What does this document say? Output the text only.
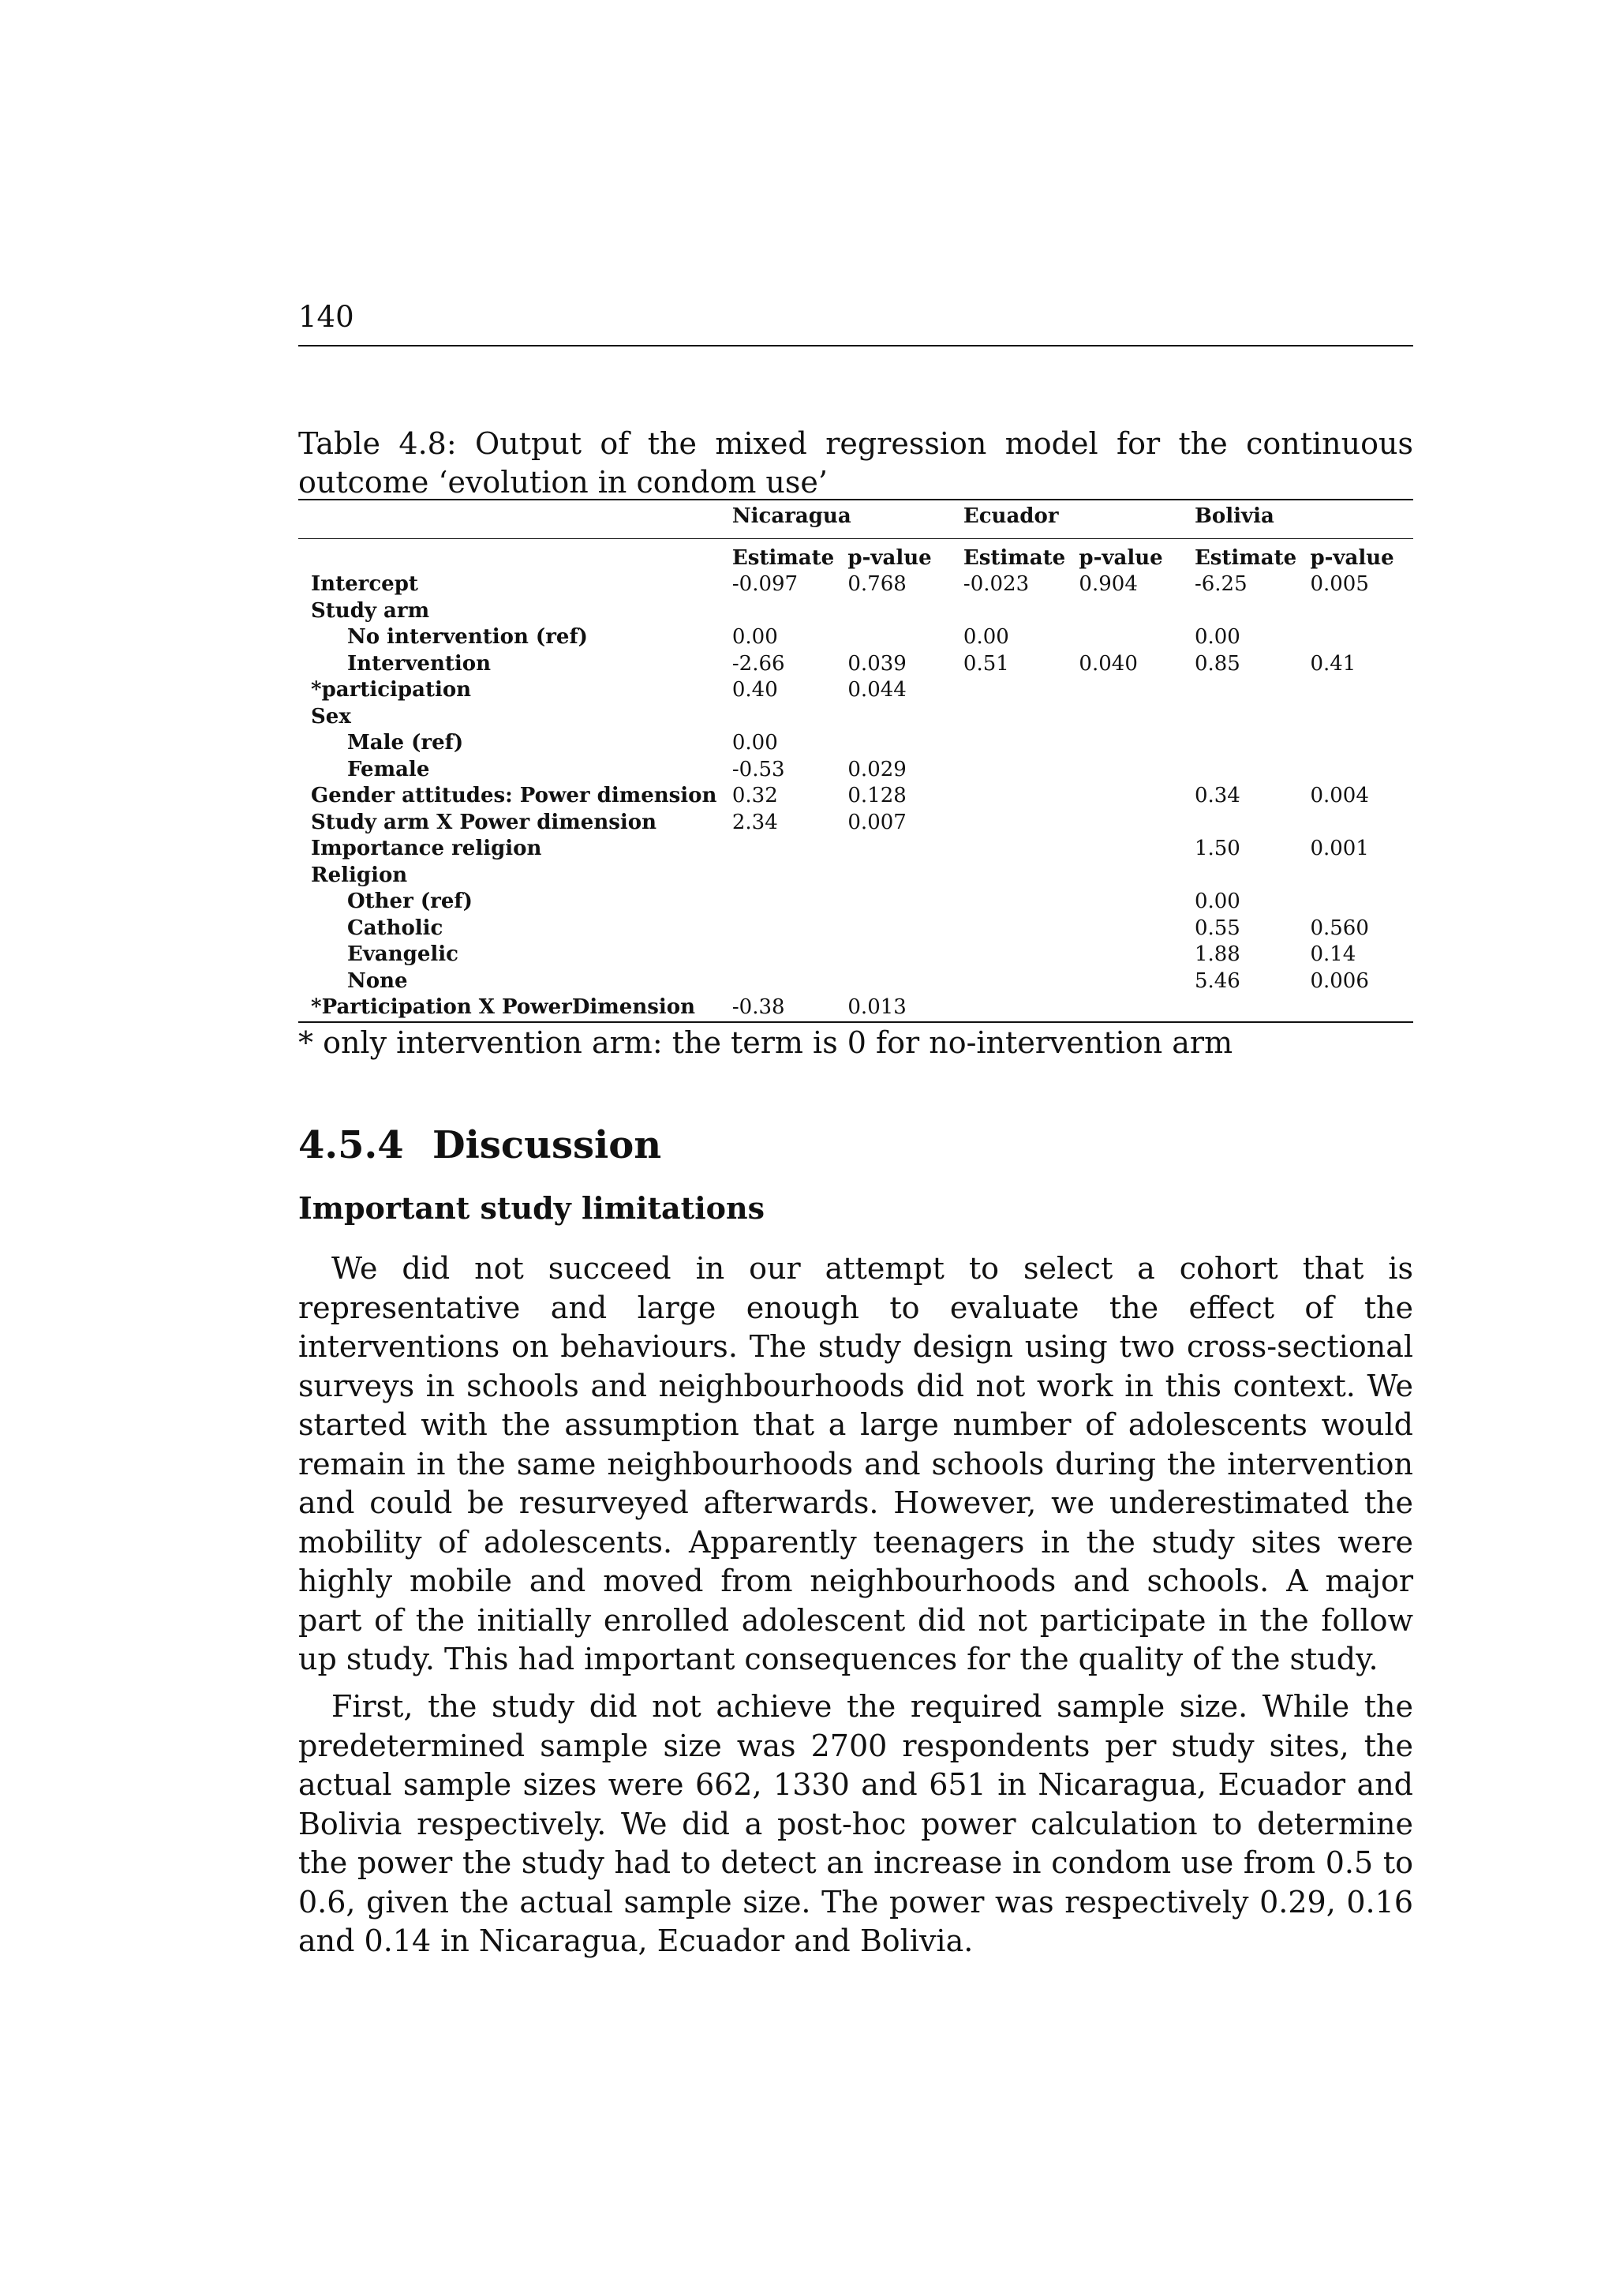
140
Table 4.8: Output of the mixed regression model for the continuous outcome ‘evolution in condom use’

	Nicaragua		Ecuador		Bolivia	

	Estimate	p-value	Estimate	p-value	Estimate	p-value
Intercept	-0.097	0.768	-0.023	0.904	-6.25	0.005
Study arm						
No intervention (ref)	0.00		0.00		0.00	
Intervention	-2.66	0.039	0.51	0.040	0.85	0.41
*participation	0.40	0.044				
Sex						
Male (ref)	0.00					
Female	-0.53	0.029				
Gender attitudes: Power dimension	0.32	0.128			0.34	0.004
Study arm X Power dimension	2.34	0.007				
Importance religion					1.50	0.001
Religion						
Other (ref)					0.00	
Catholic					0.55	0.560
Evangelic					1.88	0.14
None					5.46	0.006
*Participation X PowerDimension	-0.38	0.013				

* only intervention arm: the term is 0 for no-intervention arm
4.5.4 Discussion
Important study limitations

We did not succeed in our attempt to select a cohort that is representative and large enough to evaluate the effect of the interventions on behaviours. The study design using two cross-sectional surveys in schools and neighbourhoods did not work in this context. We started with the assumption that a large number of adolescents would remain in the same neighbourhoods and schools during the intervention and could be resurveyed afterwards. However, we underestimated the mobility of adolescents. Apparently teenagers in the study sites were highly mobile and moved from neighbourhoods and schools. A major part of the initially enrolled adolescent did not participate in the follow up study. This had important consequences for the quality of the study.

First, the study did not achieve the required sample size. While the predetermined sample size was 2700 respondents per study sites, the actual sample sizes were 662, 1330 and 651 in Nicaragua, Ecuador and Bolivia respectively. We did a post-hoc power calculation to determine the power the study had to detect an increase in condom use from 0.5 to 0.6, given the actual sample size. The power was respectively 0.29, 0.16 and 0.14 in Nicaragua, Ecuador and Bolivia.
